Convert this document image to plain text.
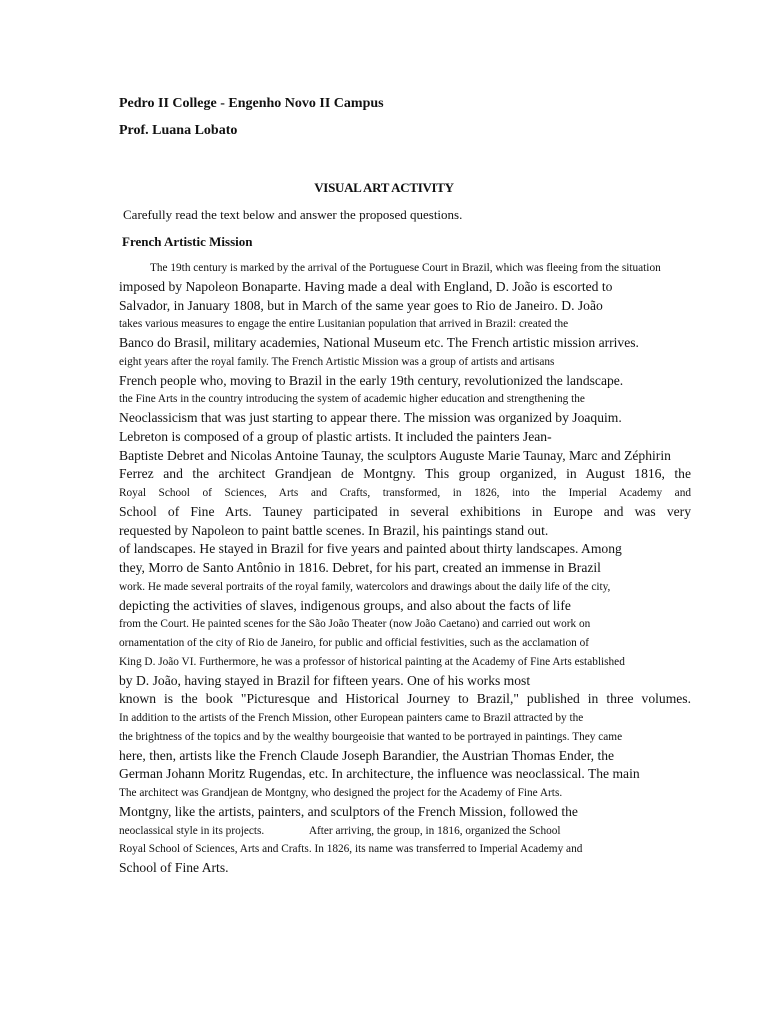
Pedro II College - Engenho Novo II Campus
Prof. Luana Lobato
VISUAL ART ACTIVITY
Carefully read the text below and answer the proposed questions.
French Artistic Mission
The 19th century is marked by the arrival of the Portuguese Court in Brazil, which was fleeing from the situation
imposed by Napoleon Bonaparte. Having made a deal with England, D. João is escorted to
Salvador, in January 1808, but in March of the same year goes to Rio de Janeiro. D. João
takes various measures to engage the entire Lusitanian population that arrived in Brazil: created the
Banco do Brasil, military academies, National Museum etc. The French artistic mission arrives.
eight years after the royal family. The French Artistic Mission was a group of artists and artisans
French people who, moving to Brazil in the early 19th century, revolutionized the landscape.
the Fine Arts in the country introducing the system of academic higher education and strengthening the
Neoclassicism that was just starting to appear there. The mission was organized by Joaquim.
Lebreton is composed of a group of plastic artists. It included the painters Jean-
Baptiste Debret and Nicolas Antoine Taunay, the sculptors Auguste Marie Taunay, Marc and Zéphirin
Ferrez and the architect Grandjean de Montgny. This group organized, in August 1816, the
Royal School of Sciences, Arts and Crafts, transformed, in 1826, into the Imperial Academy and
School of Fine Arts. Tauney participated in several exhibitions in Europe and was very
requested by Napoleon to paint battle scenes. In Brazil, his paintings stand out.
of landscapes. He stayed in Brazil for five years and painted about thirty landscapes. Among
they, Morro de Santo Antônio in 1816. Debret, for his part, created an immense in Brazil
work. He made several portraits of the royal family, watercolors and drawings about the daily life of the city,
depicting the activities of slaves, indigenous groups, and also about the facts of life
from the Court. He painted scenes for the São João Theater (now João Caetano) and carried out work on
ornamentation of the city of Rio de Janeiro, for public and official festivities, such as the acclamation of
King D. João VI. Furthermore, he was a professor of historical painting at the Academy of Fine Arts established
by D. João, having stayed in Brazil for fifteen years. One of his works most
known is the book "Picturesque and Historical Journey to Brazil," published in three volumes.
In addition to the artists of the French Mission, other European painters came to Brazil attracted by the
the brightness of the topics and by the wealthy bourgeoisie that wanted to be portrayed in paintings. They came
here, then, artists like the French Claude Joseph Barandier, the Austrian Thomas Ender, the
German Johann Moritz Rugendas, etc. In architecture, the influence was neoclassical. The main
The architect was Grandjean de Montgny, who designed the project for the Academy of Fine Arts.
Montgny, like the artists, painters, and sculptors of the French Mission, followed the
neoclassical style in its projects.                After arriving, the group, in 1816, organized the School
Royal School of Sciences, Arts and Crafts. In 1826, its name was transferred to Imperial Academy and
School of Fine Arts.
